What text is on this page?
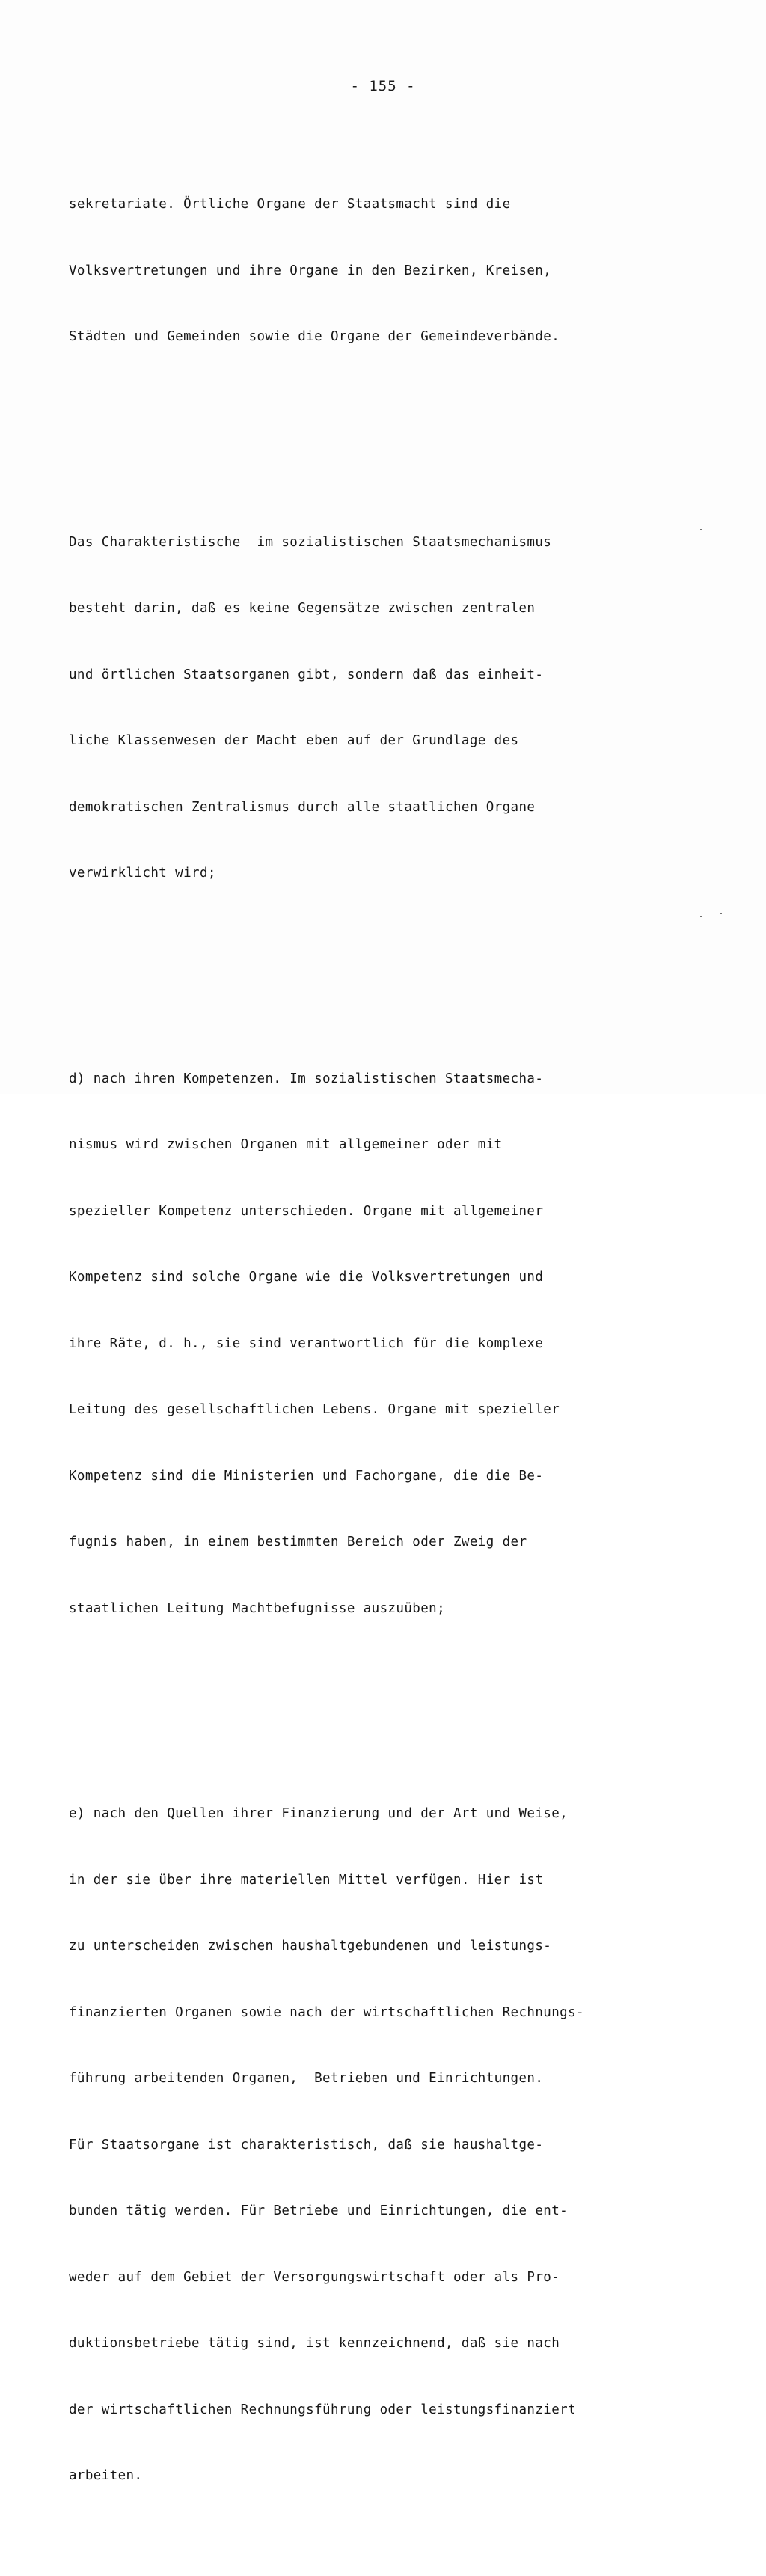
- 155 -

sekretariate. Örtliche Organe der Staatsmacht sind die

Volksvertretungen und ihre Organe in den Bezirken, Kreisen,

Städten und Gemeinden sowie die Organe der Gemeindeverbände.

Das Charakteristische  im sozialistischen Staatsmechanismus

besteht darin, daß es keine Gegensätze zwischen zentralen

und örtlichen Staatsorganen gibt, sondern daß das einheit-

liche Klassenwesen der Macht eben auf der Grundlage des

demokratischen Zentralismus durch alle staatlichen Organe

verwirklicht wird;

d) nach ihren Kompetenzen. Im sozialistischen Staatsmecha-

nismus wird zwischen Organen mit allgemeiner oder mit

spezieller Kompetenz unterschieden. Organe mit allgemeiner

Kompetenz sind solche Organe wie die Volksvertretungen und

ihre Räte, d. h., sie sind verantwortlich für die komplexe

Leitung des gesellschaftlichen Lebens. Organe mit spezieller

Kompetenz sind die Ministerien und Fachorgane, die die Be-

fugnis haben, in einem bestimmten Bereich oder Zweig der

staatlichen Leitung Machtbefugnisse auszuüben;

e) nach den Quellen ihrer Finanzierung und der Art und Weise,

in der sie über ihre materiellen Mittel verfügen. Hier ist

zu unterscheiden zwischen haushaltgebundenen und leistungs-

finanzierten Organen sowie nach der wirtschaftlichen Rechnungs-

führung arbeitenden Organen,  Betrieben und Einrichtungen.

Für Staatsorgane ist charakteristisch, daß sie haushaltge-

bunden tätig werden. Für Betriebe und Einrichtungen, die ent-

weder auf dem Gebiet der Versorgungswirtschaft oder als Pro-

duktionsbetriebe tätig sind, ist kennzeichnend, daß sie nach

der wirtschaftlichen Rechnungsführung oder leistungsfinanziert

arbeiten.
